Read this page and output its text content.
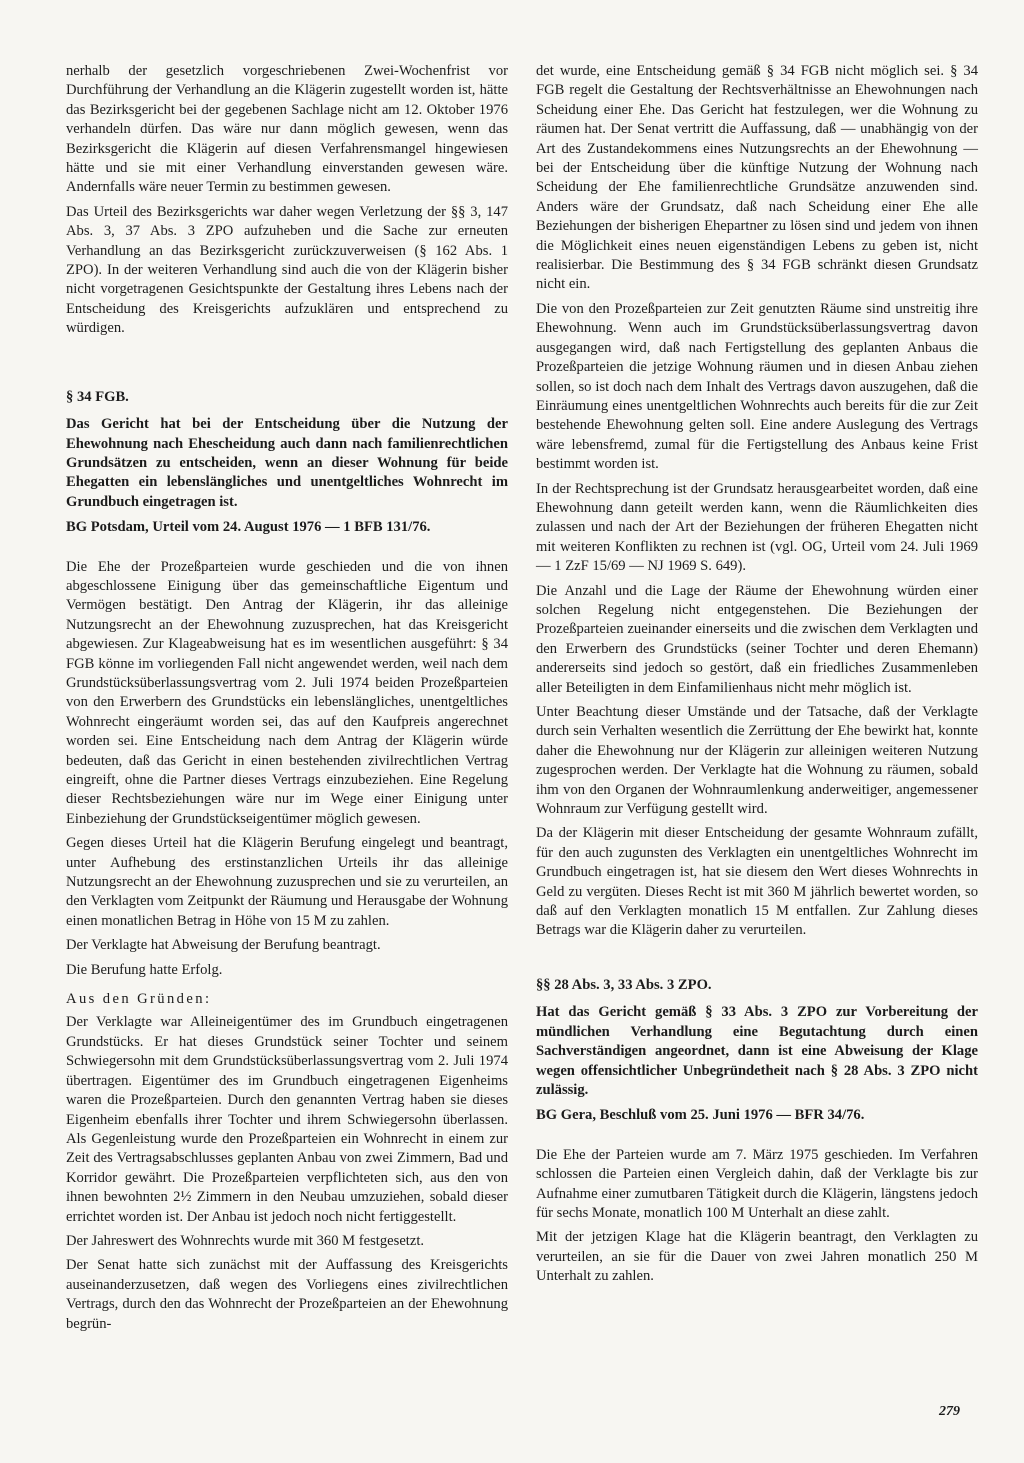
nerhalb der gesetzlich vorgeschriebenen Zwei-Wochenfrist vor Durchführung der Verhandlung an die Klägerin zugestellt worden ist, hätte das Bezirksgericht bei der gegebenen Sachlage nicht am 12. Oktober 1976 verhandeln dürfen. Das wäre nur dann möglich gewesen, wenn das Bezirksgericht die Klägerin auf diesen Verfahrensmangel hingewiesen hätte und sie mit einer Verhandlung einverstanden gewesen wäre. Andernfalls wäre neuer Termin zu bestimmen gewesen.

Das Urteil des Bezirksgerichts war daher wegen Verletzung der §§ 3, 147 Abs. 3, 37 Abs. 3 ZPO aufzuheben und die Sache zur erneuten Verhandlung an das Bezirksgericht zurückzuverweisen (§ 162 Abs. 1 ZPO). In der weiteren Verhandlung sind auch die von der Klägerin bisher nicht vorgetragenen Gesichtspunkte der Gestaltung ihres Lebens nach der Entscheidung des Kreisgerichts aufzuklären und entsprechend zu würdigen.

§ 34 FGB.
Das Gericht hat bei der Entscheidung über die Nutzung der Ehewohnung nach Ehescheidung auch dann nach familienrechtlichen Grundsätzen zu entscheiden, wenn an dieser Wohnung für beide Ehegatten ein lebenslängliches und unentgeltliches Wohnrecht im Grundbuch eingetragen ist.
BG Potsdam, Urteil vom 24. August 1976 — 1 BFB 131/76.

Die Ehe der Prozeßparteien wurde geschieden und die von ihnen abgeschlossene Einigung über das gemeinschaftliche Eigentum und Vermögen bestätigt. Den Antrag der Klägerin, ihr das alleinige Nutzungsrecht an der Ehewohnung zuzusprechen, hat das Kreisgericht abgewiesen. Zur Klageabweisung hat es im wesentlichen ausgeführt: § 34 FGB könne im vorliegenden Fall nicht angewendet werden, weil nach dem Grundstücksüberlassungsvertrag vom 2. Juli 1974 beiden Prozeßparteien von den Erwerbern des Grundstücks ein lebenslängliches, unentgeltliches Wohnrecht eingeräumt worden sei, das auf den Kaufpreis angerechnet worden sei. Eine Entscheidung nach dem Antrag der Klägerin würde bedeuten, daß das Gericht in einen bestehenden zivilrechtlichen Vertrag eingreift, ohne die Partner dieses Vertrags einzubeziehen. Eine Regelung dieser Rechtsbeziehungen wäre nur im Wege einer Einigung unter Einbeziehung der Grundstückseigentümer möglich gewesen.

Gegen dieses Urteil hat die Klägerin Berufung eingelegt und beantragt, unter Aufhebung des erstinstanzlichen Urteils ihr das alleinige Nutzungsrecht an der Ehewohnung zuzusprechen und sie zu verurteilen, an den Verklagten vom Zeitpunkt der Räumung und Herausgabe der Wohnung einen monatlichen Betrag in Höhe von 15 M zu zahlen.

Der Verklagte hat Abweisung der Berufung beantragt.

Die Berufung hatte Erfolg.

Aus den Gründen:

Der Verklagte war Alleineigentümer des im Grundbuch eingetragenen Grundstücks. Er hat dieses Grundstück seiner Tochter und seinem Schwiegersohn mit dem Grundstücksüberlassungsvertrag vom 2. Juli 1974 übertragen. Eigentümer des im Grundbuch eingetragenen Eigenheims waren die Prozeßparteien. Durch den genannten Vertrag haben sie dieses Eigenheim ebenfalls ihrer Tochter und ihrem Schwiegersohn überlassen. Als Gegenleistung wurde den Prozeßparteien ein Wohnrecht in einem zur Zeit des Vertragsabschlusses geplanten Anbau von zwei Zimmern, Bad und Korridor gewährt. Die Prozeßparteien verpflichteten sich, aus den von ihnen bewohnten 2½ Zimmern in den Neubau umzuziehen, sobald dieser errichtet worden ist. Der Anbau ist jedoch noch nicht fertiggestellt.

Der Jahreswert des Wohnrechts wurde mit 360 M festgesetzt.

Der Senat hatte sich zunächst mit der Auffassung des Kreisgerichts auseinanderzusetzen, daß wegen des Vorliegens eines zivilrechtlichen Vertrags, durch den das Wohnrecht der Prozeßparteien an der Ehewohnung begrün-

det wurde, eine Entscheidung gemäß § 34 FGB nicht möglich sei. § 34 FGB regelt die Gestaltung der Rechtsverhältnisse an Ehewohnungen nach Scheidung einer Ehe. Das Gericht hat festzulegen, wer die Wohnung zu räumen hat. Der Senat vertritt die Auffassung, daß — unabhängig von der Art des Zustandekommens eines Nutzungsrechts an der Ehewohnung — bei der Entscheidung über die künftige Nutzung der Wohnung nach Scheidung der Ehe familienrechtliche Grundsätze anzuwenden sind. Anders wäre der Grundsatz, daß nach Scheidung einer Ehe alle Beziehungen der bisherigen Ehepartner zu lösen sind und jedem von ihnen die Möglichkeit eines neuen eigenständigen Lebens zu geben ist, nicht realisierbar. Die Bestimmung des § 34 FGB schränkt diesen Grundsatz nicht ein.

Die von den Prozeßparteien zur Zeit genutzten Räume sind unstreitig ihre Ehewohnung. Wenn auch im Grundstücksüberlassungsvertrag davon ausgegangen wird, daß nach Fertigstellung des geplanten Anbaus die Prozeßparteien die jetzige Wohnung räumen und in diesen Anbau ziehen sollen, so ist doch nach dem Inhalt des Vertrags davon auszugehen, daß die Einräumung eines unentgeltlichen Wohnrechts auch bereits für die zur Zeit bestehende Ehewohnung gelten soll. Eine andere Auslegung des Vertrags wäre lebensfremd, zumal für die Fertigstellung des Anbaus keine Frist bestimmt worden ist.

In der Rechtsprechung ist der Grundsatz herausgearbeitet worden, daß eine Ehewohnung dann geteilt werden kann, wenn die Räumlichkeiten dies zulassen und nach der Art der Beziehungen der früheren Ehegatten nicht mit weiteren Konflikten zu rechnen ist (vgl. OG, Urteil vom 24. Juli 1969 — 1 ZzF 15/69 — NJ 1969 S. 649).

Die Anzahl und die Lage der Räume der Ehewohnung würden einer solchen Regelung nicht entgegenstehen. Die Beziehungen der Prozeßparteien zueinander einerseits und die zwischen dem Verklagten und den Erwerbern des Grundstücks (seiner Tochter und deren Ehemann) andererseits sind jedoch so gestört, daß ein friedliches Zusammenleben aller Beteiligten in dem Einfamilienhaus nicht mehr möglich ist.

Unter Beachtung dieser Umstände und der Tatsache, daß der Verklagte durch sein Verhalten wesentlich die Zerrüttung der Ehe bewirkt hat, konnte daher die Ehewohnung nur der Klägerin zur alleinigen weiteren Nutzung zugesprochen werden. Der Verklagte hat die Wohnung zu räumen, sobald ihm von den Organen der Wohnraumlenkung anderweitiger, angemessener Wohnraum zur Verfügung gestellt wird.

Da der Klägerin mit dieser Entscheidung der gesamte Wohnraum zufällt, für den auch zugunsten des Verklagten ein unentgeltliches Wohnrecht im Grundbuch eingetragen ist, hat sie diesem den Wert dieses Wohnrechts in Geld zu vergüten. Dieses Recht ist mit 360 M jährlich bewertet worden, so daß auf den Verklagten monatlich 15 M entfallen. Zur Zahlung dieses Betrags war die Klägerin daher zu verurteilen.

§§ 28 Abs. 3, 33 Abs. 3 ZPO.
Hat das Gericht gemäß § 33 Abs. 3 ZPO zur Vorbereitung der mündlichen Verhandlung eine Begutachtung durch einen Sachverständigen angeordnet, dann ist eine Abweisung der Klage wegen offensichtlicher Unbegründetheit nach § 28 Abs. 3 ZPO nicht zulässig.
BG Gera, Beschluß vom 25. Juni 1976 — BFR 34/76.

Die Ehe der Parteien wurde am 7. März 1975 geschieden. Im Verfahren schlossen die Parteien einen Vergleich dahin, daß der Verklagte bis zur Aufnahme einer zumutbaren Tätigkeit durch die Klägerin, längstens jedoch für sechs Monate, monatlich 100 M Unterhalt an diese zahlt.

Mit der jetzigen Klage hat die Klägerin beantragt, den Verklagten zu verurteilen, an sie für die Dauer von zwei Jahren monatlich 250 M Unterhalt zu zahlen.

279
